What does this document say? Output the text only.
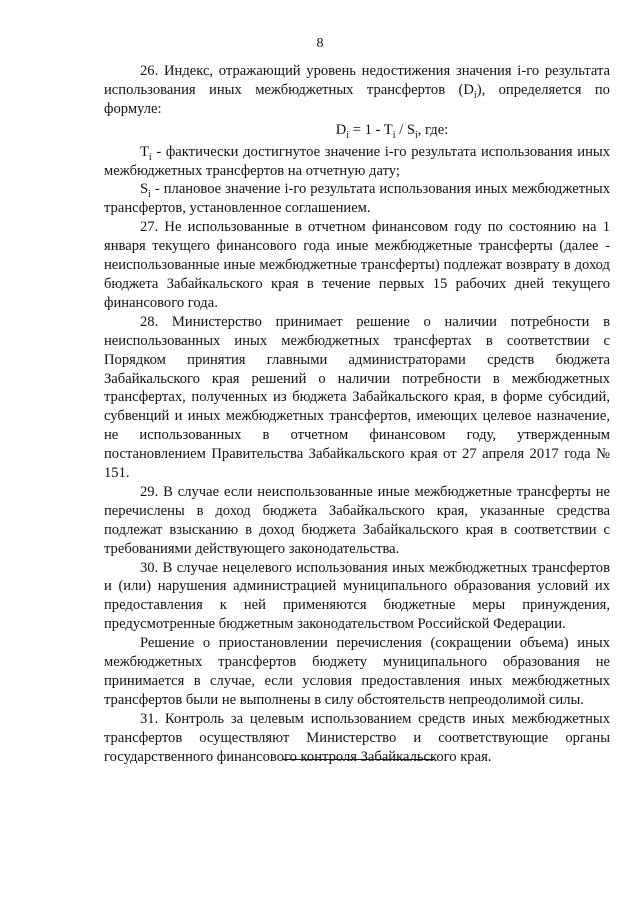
8

26. Индекс, отражающий уровень недостижения значения i-го результата использования иных межбюджетных трансфертов $(D_i)$, определяется по формуле:

$D_i = 1 - T_i / S_i$, где:

$T_i$ - фактически достигнутое значение i-го результата использования иных межбюджетных трансфертов на отчетную дату;

$S_i$ - плановое значение i-го результата использования иных межбюджетных трансфертов, установленное соглашением.

27. Не использованные в отчетном финансовом году по состоянию на 1 января текущего финансового года иные межбюджетные трансферты (далее - неиспользованные иные межбюджетные трансферты) подлежат возврату в доход бюджета Забайкальского края в течение первых 15 рабочих дней текущего финансового года.

28. Министерство принимает решение о наличии потребности в неиспользованных иных межбюджетных трансфертах в соответствии с Порядком принятия главными администраторами средств бюджета Забайкальского края решений о наличии потребности в межбюджетных трансфертах, полученных из бюджета Забайкальского края, в форме субсидий, субвенций и иных межбюджетных трансфертов, имеющих целевое назначение, не использованных в отчетном финансовом году, утвержденным постановлением Правительства Забайкальского края от 27 апреля 2017 года № 151.

29. В случае если неиспользованные иные межбюджетные трансферты не перечислены в доход бюджета Забайкальского края, указанные средства подлежат взысканию в доход бюджета Забайкальского края в соответствии с требованиями действующего законодательства.

30. В случае нецелевого использования иных межбюджетных трансфертов и (или) нарушения администрацией муниципального образования условий их предоставления к ней применяются бюджетные меры принуждения, предусмотренные бюджетным законодательством Российской Федерации.

Решение о приостановлении перечисления (сокращении объема) иных межбюджетных трансфертов бюджету муниципального образования не принимается в случае, если условия предоставления иных межбюджетных трансфертов были не выполнены в силу обстоятельств непреодолимой силы.

31. Контроль за целевым использованием средств иных межбюджетных трансфертов осуществляют Министерство и соответствующие органы государственного финансового контроля Забайкальского края.
